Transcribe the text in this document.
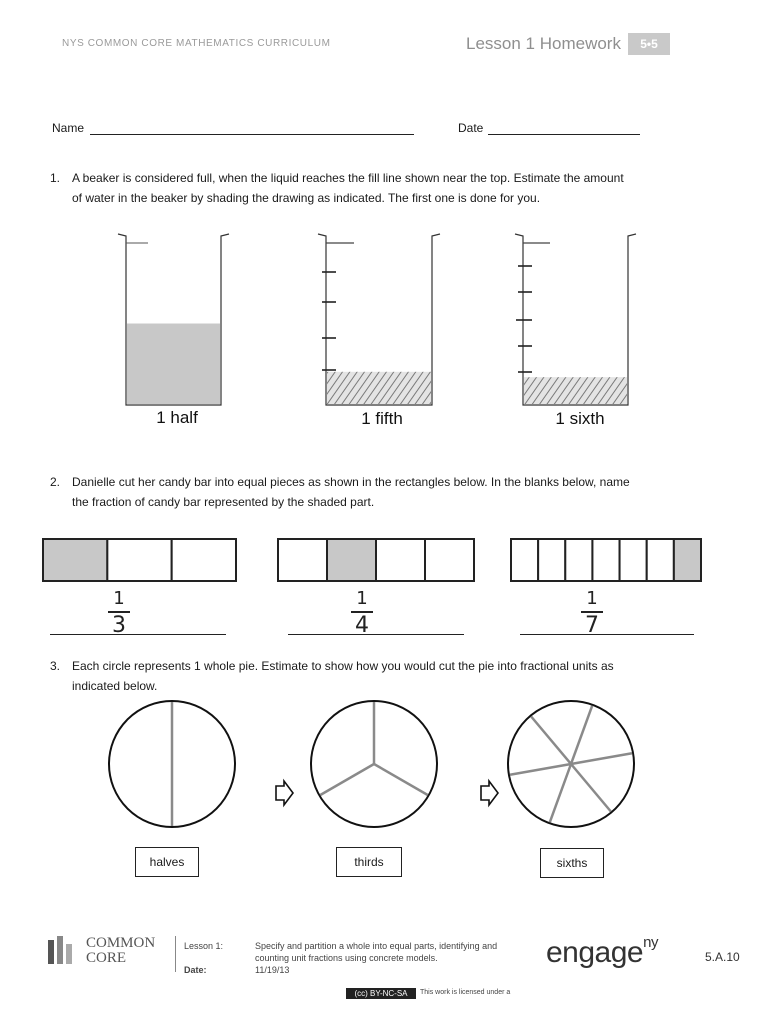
NYS COMMON CORE MATHEMATICS CURRICULUM	Lesson 1 Homework	5•5
Name	Date
1. A beaker is considered full, when the liquid reaches the fill line shown near the top. Estimate the amount
of water in the beaker by shading the drawing as indicated. The first one is done for you.
1 half	1 fifth	1 sixth
2. Danielle cut her candy bar into equal pieces as shown in the rectangles below. In the blanks below, name
the fraction of candy bar represented by the shaded part.
1
3
1
4
1
7
3. Each circle represents 1 whole pie. Estimate to show how you would cut the pie into fractional units as
indicated below.
halves	thirds	sixths
COMMON
CORE
Lesson 1:
Date:
Specify and partition a whole into equal parts, identifying and
counting unit fractions using concrete models.
11/19/13
engage$^{ny}$
5.A.10
(cc) BY-NC-SA	This work is licensed under a
